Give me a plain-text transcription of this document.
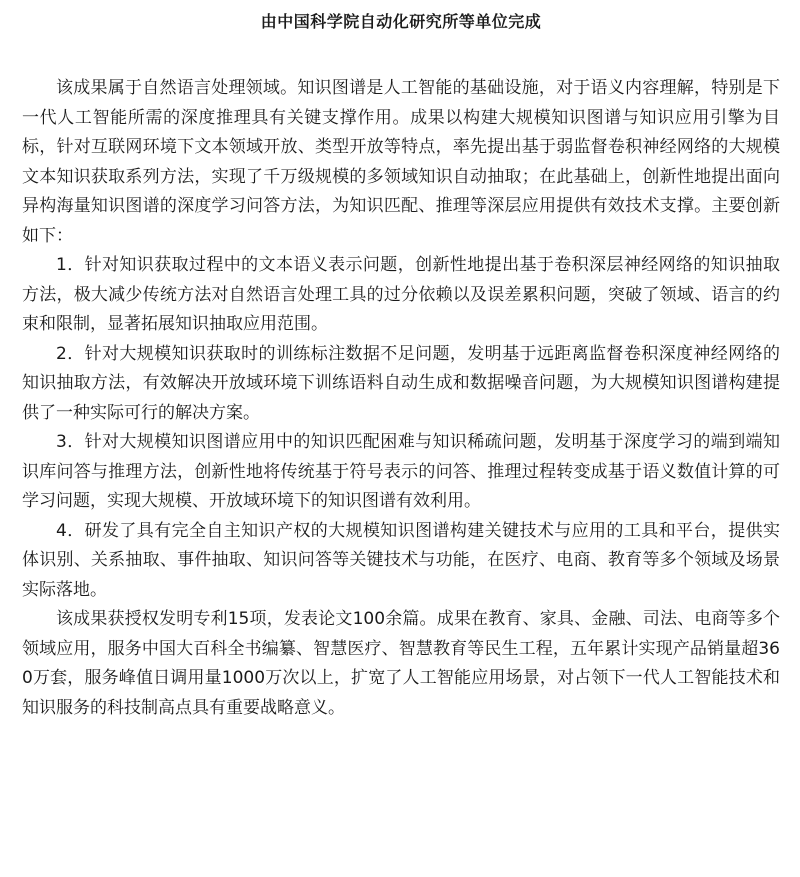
由中国科学院自动化研究所等单位完成

该成果属于自然语言处理领域。知识图谱是人工智能的基础设施，对于语义内容理解，特别是下一代人工智能所需的深度推理具有关键支撑作用。成果以构建大规模知识图谱与知识应用引擎为目标，针对互联网环境下文本领域开放、类型开放等特点，率先提出基于弱监督卷积神经网络的大规模文本知识获取系列方法，实现了千万级规模的多领域知识自动抽取；在此基础上，创新性地提出面向异构海量知识图谱的深度学习问答方法，为知识匹配、推理等深层应用提供有效技术支撑。主要创新如下：

1．针对知识获取过程中的文本语义表示问题，创新性地提出基于卷积深层神经网络的知识抽取方法，极大减少传统方法对自然语言处理工具的过分依赖以及误差累积问题，突破了领域、语言的约束和限制，显著拓展知识抽取应用范围。

2．针对大规模知识获取时的训练标注数据不足问题，发明基于远距离监督卷积深度神经网络的知识抽取方法，有效解决开放域环境下训练语料自动生成和数据噪音问题，为大规模知识图谱构建提供了一种实际可行的解决方案。

3．针对大规模知识图谱应用中的知识匹配困难与知识稀疏问题，发明基于深度学习的端到端知识库问答与推理方法，创新性地将传统基于符号表示的问答、推理过程转变成基于语义数值计算的可学习问题，实现大规模、开放域环境下的知识图谱有效利用。

4．研发了具有完全自主知识产权的大规模知识图谱构建关键技术与应用的工具和平台，提供实体识别、关系抽取、事件抽取、知识问答等关键技术与功能，在医疗、电商、教育等多个领域及场景实际落地。

该成果获授权发明专利15项，发表论文100余篇。成果在教育、家具、金融、司法、电商等多个领域应用，服务中国大百科全书编纂、智慧医疗、智慧教育等民生工程，五年累计实现产品销量超360万套，服务峰值日调用量1000万次以上，扩宽了人工智能应用场景，对占领下一代人工智能技术和知识服务的科技制高点具有重要战略意义。
